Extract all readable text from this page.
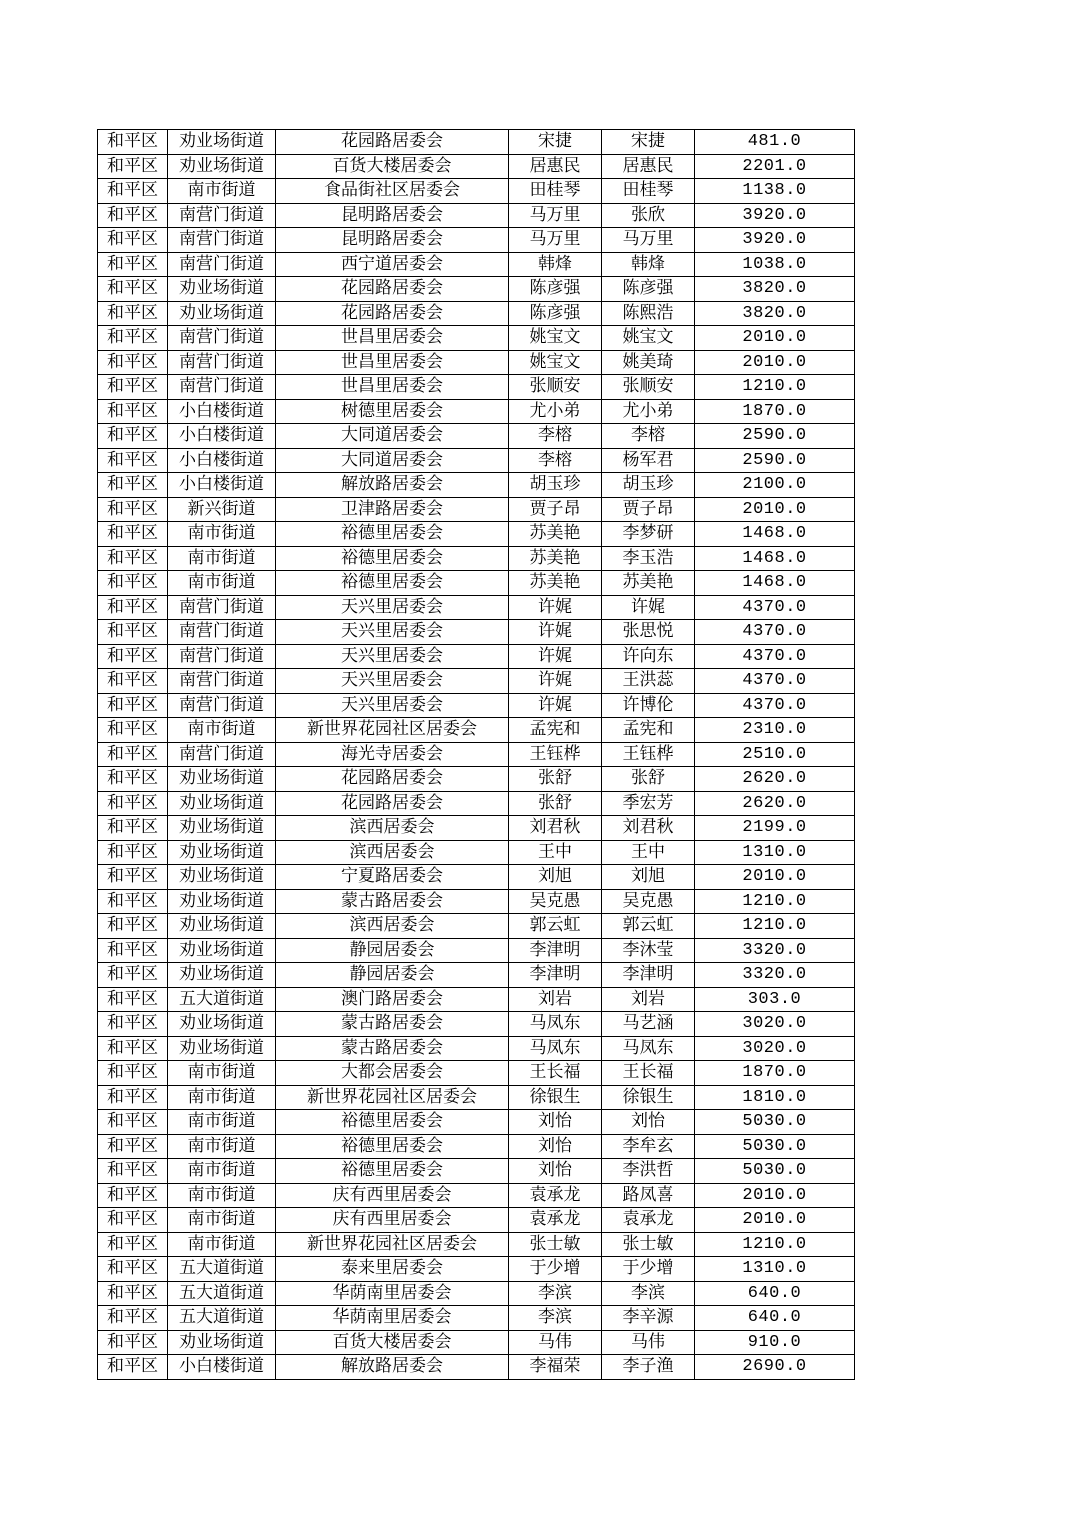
和平区	劝业场街道	花园路居委会	宋捷	宋捷	481.0
和平区	劝业场街道	百货大楼居委会	居惠民	居惠民	2201.0
和平区	南市街道	食品街社区居委会	田桂琴	田桂琴	1138.0
和平区	南营门街道	昆明路居委会	马万里	张欣	3920.0
和平区	南营门街道	昆明路居委会	马万里	马万里	3920.0
和平区	南营门街道	西宁道居委会	韩烽	韩烽	1038.0
和平区	劝业场街道	花园路居委会	陈彦强	陈彦强	3820.0
和平区	劝业场街道	花园路居委会	陈彦强	陈熙浩	3820.0
和平区	南营门街道	世昌里居委会	姚宝文	姚宝文	2010.0
和平区	南营门街道	世昌里居委会	姚宝文	姚美琦	2010.0
和平区	南营门街道	世昌里居委会	张顺安	张顺安	1210.0
和平区	小白楼街道	树德里居委会	尤小弟	尤小弟	1870.0
和平区	小白楼街道	大同道居委会	李榕	李榕	2590.0
和平区	小白楼街道	大同道居委会	李榕	杨军君	2590.0
和平区	小白楼街道	解放路居委会	胡玉珍	胡玉珍	2100.0
和平区	新兴街道	卫津路居委会	贾子昂	贾子昂	2010.0
和平区	南市街道	裕德里居委会	苏美艳	李梦研	1468.0
和平区	南市街道	裕德里居委会	苏美艳	李玉浩	1468.0
和平区	南市街道	裕德里居委会	苏美艳	苏美艳	1468.0
和平区	南营门街道	天兴里居委会	许娓	许娓	4370.0
和平区	南营门街道	天兴里居委会	许娓	张思悦	4370.0
和平区	南营门街道	天兴里居委会	许娓	许向东	4370.0
和平区	南营门街道	天兴里居委会	许娓	王洪蕊	4370.0
和平区	南营门街道	天兴里居委会	许娓	许博伦	4370.0
和平区	南市街道	新世界花园社区居委会	孟宪和	孟宪和	2310.0
和平区	南营门街道	海光寺居委会	王钰桦	王钰桦	2510.0
和平区	劝业场街道	花园路居委会	张舒	张舒	2620.0
和平区	劝业场街道	花园路居委会	张舒	季宏芳	2620.0
和平区	劝业场街道	滨西居委会	刘君秋	刘君秋	2199.0
和平区	劝业场街道	滨西居委会	王中	王中	1310.0
和平区	劝业场街道	宁夏路居委会	刘旭	刘旭	2010.0
和平区	劝业场街道	蒙古路居委会	吴克愚	吴克愚	1210.0
和平区	劝业场街道	滨西居委会	郭云虹	郭云虹	1210.0
和平区	劝业场街道	静园居委会	李津明	李沐莹	3320.0
和平区	劝业场街道	静园居委会	李津明	李津明	3320.0
和平区	五大道街道	澳门路居委会	刘岩	刘岩	303.0
和平区	劝业场街道	蒙古路居委会	马凤东	马艺涵	3020.0
和平区	劝业场街道	蒙古路居委会	马凤东	马凤东	3020.0
和平区	南市街道	大都会居委会	王长福	王长福	1870.0
和平区	南市街道	新世界花园社区居委会	徐银生	徐银生	1810.0
和平区	南市街道	裕德里居委会	刘怡	刘怡	5030.0
和平区	南市街道	裕德里居委会	刘怡	李牟玄	5030.0
和平区	南市街道	裕德里居委会	刘怡	李洪哲	5030.0
和平区	南市街道	庆有西里居委会	袁承龙	路凤喜	2010.0
和平区	南市街道	庆有西里居委会	袁承龙	袁承龙	2010.0
和平区	南市街道	新世界花园社区居委会	张士敏	张士敏	1210.0
和平区	五大道街道	泰来里居委会	于少增	于少增	1310.0
和平区	五大道街道	华荫南里居委会	李滨	李滨	640.0
和平区	五大道街道	华荫南里居委会	李滨	李辛源	640.0
和平区	劝业场街道	百货大楼居委会	马伟	马伟	910.0
和平区	小白楼街道	解放路居委会	李福荣	李子渔	2690.0
